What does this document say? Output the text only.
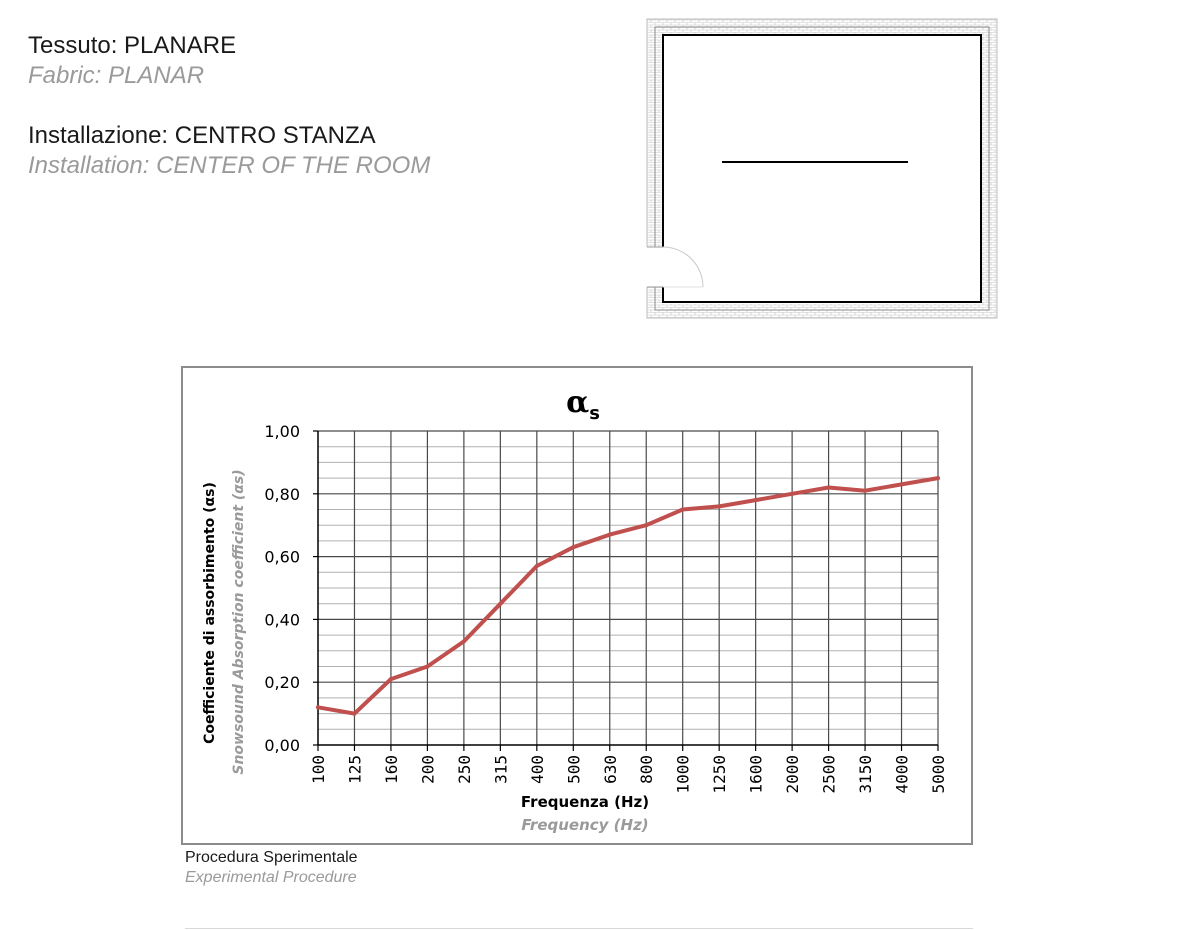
Tessuto: PLANARE
Fabric: PLANAR
Installazione: CENTRO STANZA
Installation: CENTER OF THE ROOM
0,00
0,20
0,40
0,60
0,80
1,00
100 125 160 200 250 315 400 500 630 800 1000 1250 1600 2000 2500 3150 4000 5000
$\alpha_s$
Frequenza (Hz)
Frequency (Hz)
Coefficiente di assorbimento (αs) Snowsound Absorption coefficient (αs)
Procedura Sperimentale
Experimental Procedure
